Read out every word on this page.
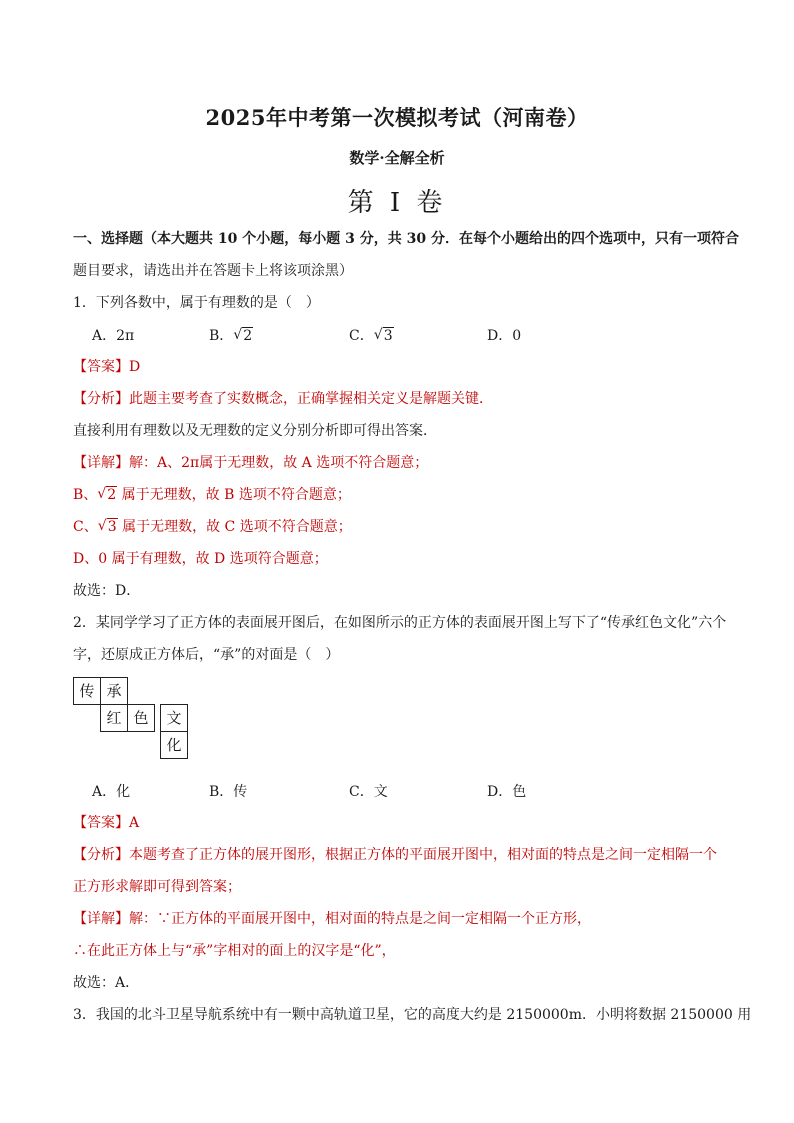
2025年中考第一次模拟考试（河南卷）
数学·全解全析
第 I 卷
一、选择题（本大题共 10 个小题，每小题 3 分，共 30 分．在每个小题给出的四个选项中，只有一项符合
题目要求，请选出并在答题卡上将该项涂黑）
1．下列各数中，属于有理数的是（　）
A．2π	B． √ 2	C． √ 3	D．0
【答案】D
【分析】此题主要考查了实数概念，正确掌握相关定义是解题关键．
直接利用有理数以及无理数的定义分别分析即可得出答案．
【详解】解：A、2π属于无理数，故 A 选项不符合题意；
B、 √ 2 属于无理数，故 B 选项不符合题意；
C、 √ 3 属于无理数，故 C 选项不符合题意；
D、0 属于有理数，故 D 选项符合题意；
故选：D．
2．某同学学习了正方体的表面展开图后，在如图所示的正方体的表面展开图上写下了“传承红色文化”六个
字，还原成正方体后，“承”的对面是（　）
传 承
红 色	文
化
A．化	B．传	C．文	D．色
【答案】A
【分析】本题考查了正方体的展开图形，根据正方体的平面展开图中，相对面的特点是之间一定相隔一个
正方形求解即可得到答案；
【详解】解：∵正方体的平面展开图中，相对面的特点是之间一定相隔一个正方形，
∴在此正方体上与“承”字相对的面上的汉字是“化”，
故选：A．
3．我国的北斗卫星导航系统中有一颗中高轨道卫星，它的高度大约是 2150000m．小明将数据 2150000 用
